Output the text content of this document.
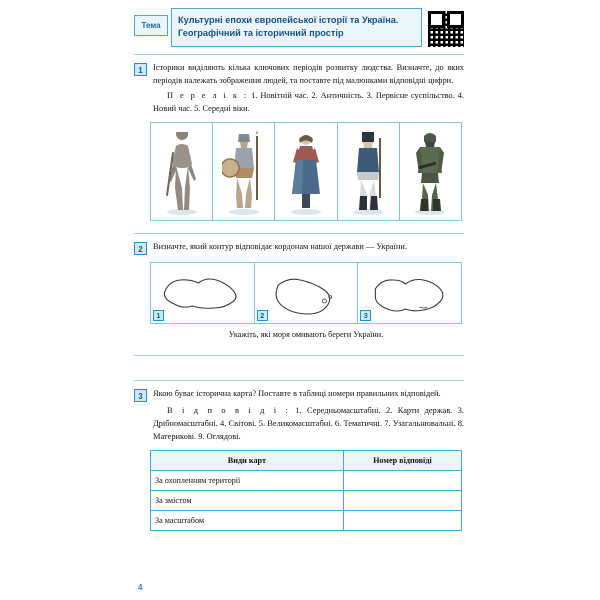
Тема
Культурні епохи європейської історії та Україна. Географічний та історичний простір
1	Історики виділяють кілька ключових періодів розвитку людства. Визначте, до яких періодів належать зображення людей, та поставте під малюнками відповідні цифри.
П е р е л і к : 1. Новітній час. 2. Античність. 3. Первісне суспільство. 4. Новий час. 5. Середні віки.
2	Визначте, який контур відповідає кордонам нашої держави — України.
1	2	3
Укажіть, які моря омивають береги України.
3	Якою буває історична карта? Поставте в таблиці номери правильних відповідей.
В і д п о в і д і : 1. Середньомасштабні. 2. Карти держав. 3. Дрібномасштабні. 4. Світові. 5. Великомасштабні. 6. Тематичні. 7. Узагальнювальні. 8. Материкові. 9. Оглядові.
Види карт	Номер відповіді
За охопленням території	
За змістом	
За масштабом	
4
